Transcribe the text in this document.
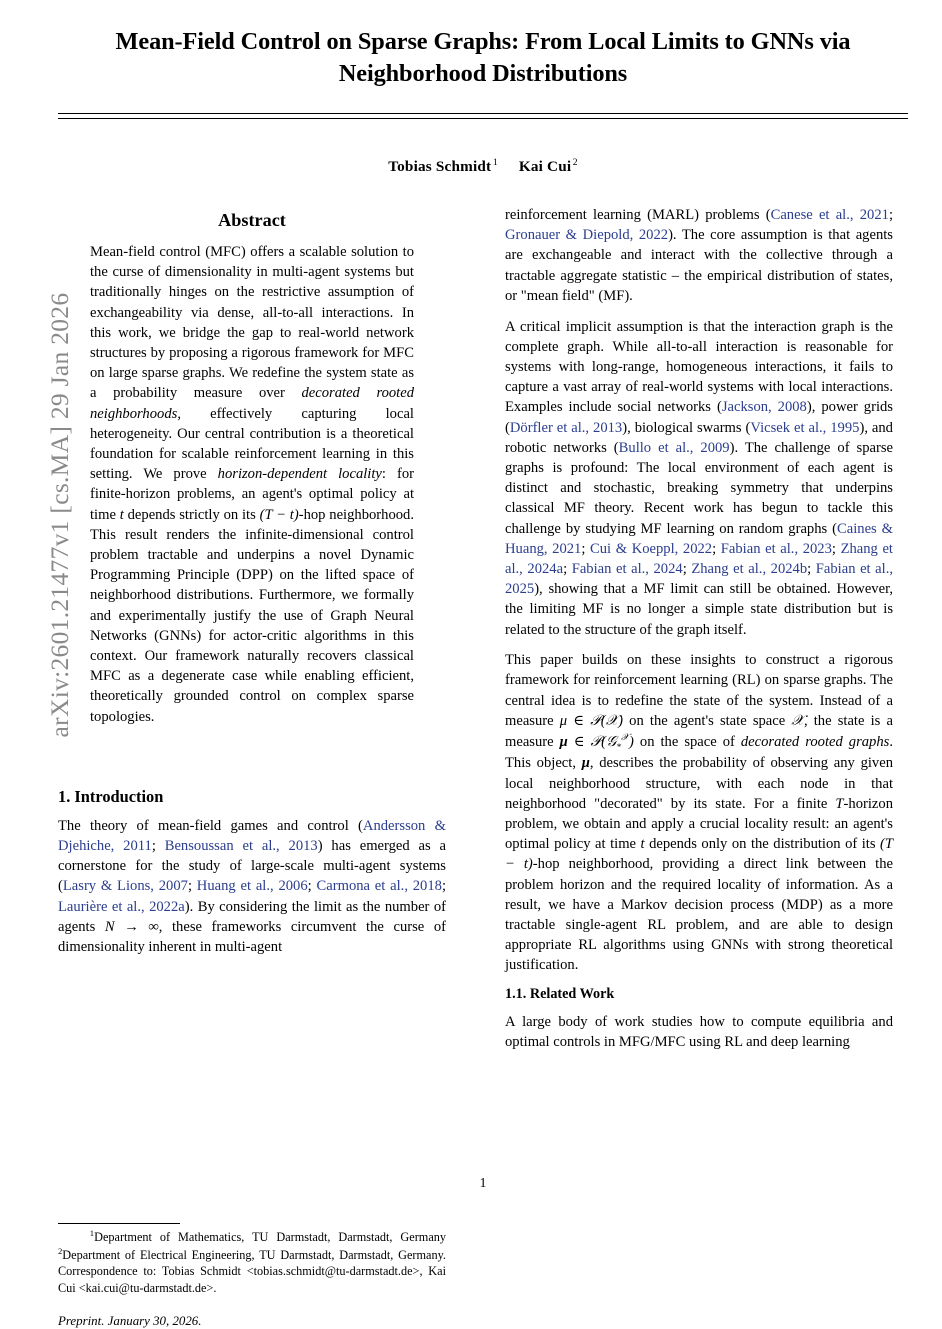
arXiv:2601.21477v1 [cs.MA] 29 Jan 2026
Mean-Field Control on Sparse Graphs: From Local Limits to GNNs via Neighborhood Distributions
Tobias Schmidt $^1$ Kai Cui $^2$
Abstract
Mean-field control (MFC) offers a scalable solution to the curse of dimensionality in multi-agent systems but traditionally hinges on the restrictive assumption of exchangeability via dense, all-to-all interactions. In this work, we bridge the gap to real-world network structures by proposing a rigorous framework for MFC on large sparse graphs. We redefine the system state as a probability measure over decorated rooted neighborhoods, effectively capturing local heterogeneity. Our central contribution is a theoretical foundation for scalable reinforcement learning in this setting. We prove horizon-dependent locality: for finite-horizon problems, an agent's optimal policy at time t depends strictly on its (T − t)-hop neighborhood. This result renders the infinite-dimensional control problem tractable and underpins a novel Dynamic Programming Principle (DPP) on the lifted space of neighborhood distributions. Furthermore, we formally and experimentally justify the use of Graph Neural Networks (GNNs) for actor-critic algorithms in this context. Our framework naturally recovers classical MFC as a degenerate case while enabling efficient, theoretically grounded control on complex sparse topologies.
1. Introduction

The theory of mean-field games and control (Andersson & Djehiche, 2011; Bensoussan et al., 2013) has emerged as a cornerstone for the study of large-scale multi-agent systems (Lasry & Lions, 2007; Huang et al., 2006; Carmona et al., 2018; Laurière et al., 2022a). By considering the limit as the number of agents N → ∞, these frameworks circumvent the curse of dimensionality inherent in multi-agent

$^1$Department of Mathematics, TU Darmstadt, Darmstadt, Germany $^2$Department of Electrical Engineering, TU Darmstadt, Darmstadt, Germany. Correspondence to: Tobias Schmidt <tobias.schmidt@tu-darmstadt.de>, Kai Cui <kai.cui@tu-darmstadt.de>.

Preprint. January 30, 2026.

reinforcement learning (MARL) problems (Canese et al., 2021; Gronauer & Diepold, 2022). The core assumption is that agents are exchangeable and interact with the collective through a tractable aggregate statistic – the empirical distribution of states, or "mean field" (MF).

A critical implicit assumption is that the interaction graph is the complete graph. While all-to-all interaction is reasonable for systems with long-range, homogeneous interactions, it fails to capture a vast array of real-world systems with local interactions. Examples include social networks (Jackson, 2008), power grids (Dörfler et al., 2013), biological swarms (Vicsek et al., 1995), and robotic networks (Bullo et al., 2009). The challenge of sparse graphs is profound: The local environment of each agent is distinct and stochastic, breaking symmetry that underpins classical MF theory. Recent work has begun to tackle this challenge by studying MF learning on random graphs (Caines & Huang, 2021; Cui & Koeppl, 2022; Fabian et al., 2023; Zhang et al., 2024a; Fabian et al., 2024; Zhang et al., 2024b; Fabian et al., 2025), showing that a MF limit can still be obtained. However, the limiting MF is no longer a simple state distribution but is related to the structure of the graph itself.

This paper builds on these insights to construct a rigorous framework for reinforcement learning (RL) on sparse graphs. The central idea is to redefine the state of the system. Instead of a measure μ ∈ 𝒫(𝒳) on the agent's state space 𝒳, the state is a measure μ ∈ 𝒫(𝒢$_*^𝒳$) on the space of decorated rooted graphs. This object, μ, describes the probability of observing any given local neighborhood structure, with each node in that neighborhood "decorated" by its state. For a finite T-horizon problem, we obtain and apply a crucial locality result: an agent's optimal policy at time t depends only on the distribution of its (T − t)-hop neighborhood, providing a direct link between the problem horizon and the required locality of information. As a result, we have a Markov decision process (MDP) as a more tractable single-agent RL problem, and are able to design appropriate RL algorithms using GNNs with strong theoretical justification.

1.1. Related Work

A large body of work studies how to compute equilibria and optimal controls in MFG/MFC using RL and deep learning

1
